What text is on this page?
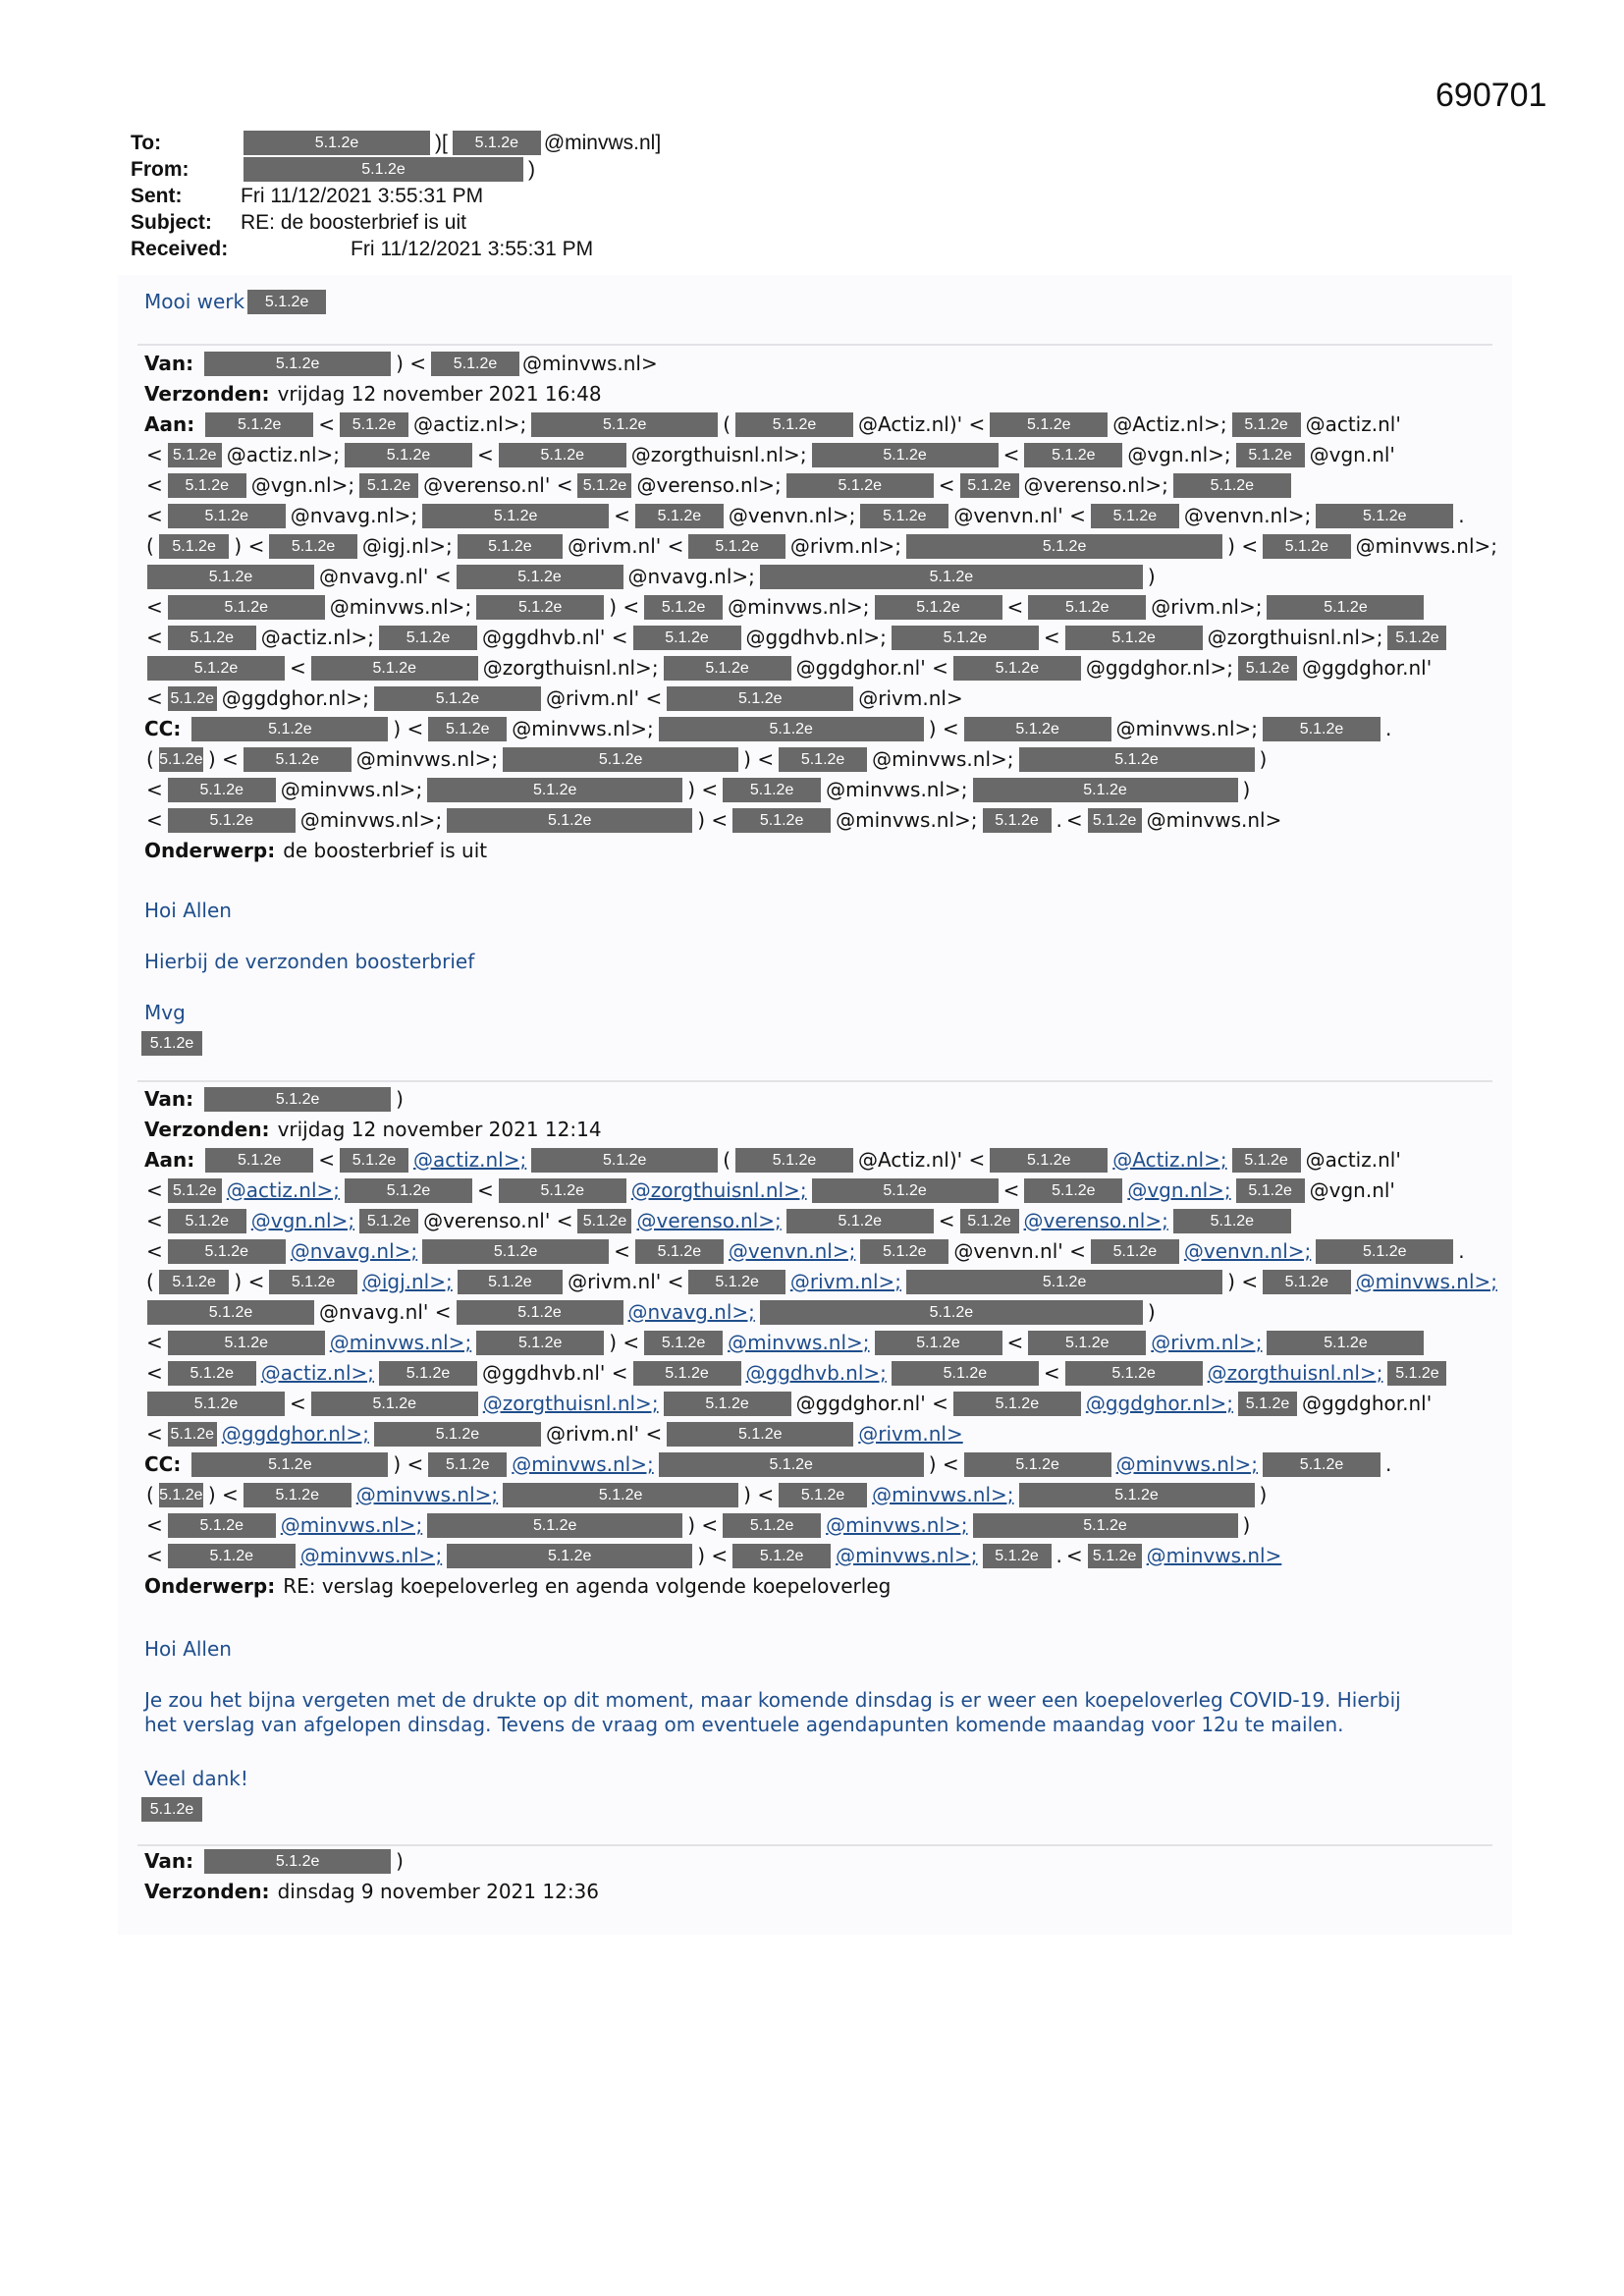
690701
To:	5.1.2e	)[	5.1.2e	@minvws.nl]
From:	5.1.2e	)
Sent:	Fri 11/12/2021 3:55:31 PM
Subject:	RE: de boosterbrief is uit
Received:	Fri 11/12/2021 3:55:31 PM
Mooi werk	5.1.2e
Van:	5.1.2e	) <	5.1.2e	@minvws.nl>
Verzonden: vrijdag 12 november 2021 16:48
Aan:	5.1.2e	<	5.1.2e @actiz.nl>;	5.1.2e	(	5.1.2e	@Actiz.nl)' <	5.1.2e	@Actiz.nl>;	5.1.2e @actiz.nl'
< 5.1.2e @actiz.nl>;	5.1.2e	<	5.1.2e	@zorgthuisnl.nl>;	5.1.2e	<	5.1.2e	@vgn.nl>;	5.1.2e @vgn.nl'
<	5.1.2e	@vgn.nl>; 5.1.2e @verenso.nl' < 5.1.2e @verenso.nl>;	5.1.2e	< 5.1.2e @verenso.nl>;	5.1.2e
<	5.1.2e	@nvavg.nl>;	5.1.2e	<	5.1.2e	@venvn.nl>;	5.1.2e	@venvn.nl' <	5.1.2e	@venvn.nl>;	5.1.2e	.
(	5.1.2e ) <	5.1.2e	@igj.nl>;	5.1.2e	@rivm.nl' <	5.1.2e	@rivm.nl>;	5.1.2e	) <	5.1.2e	@minvws.nl>;
5.1.2e	@nvavg.nl' <	5.1.2e	@nvavg.nl>;	5.1.2e	)
<	5.1.2e	@minvws.nl>;	5.1.2e	) <	5.1.2e	@minvws.nl>;	5.1.2e	<	5.1.2e	@rivm.nl>;	5.1.2e
<	5.1.2e	@actiz.nl>;	5.1.2e	@ggdhvb.nl' <	5.1.2e	@ggdhvb.nl>;	5.1.2e	<	5.1.2e	@zorgthuisnl.nl>; 5.1.2e
5.1.2e	<	5.1.2e	@zorgthuisnl.nl>;	5.1.2e	@ggdghor.nl' <	5.1.2e	@ggdghor.nl>; 5.1.2e @ggdghor.nl'
< 5.1.2e @ggdghor.nl>;	5.1.2e	@rivm.nl' <	5.1.2e	@rivm.nl>
CC:	5.1.2e	) <	5.1.2e	@minvws.nl>;	5.1.2e	) <	5.1.2e	@minvws.nl>;	5.1.2e	.
( 5.1.2e ) <	5.1.2e	@minvws.nl>;	5.1.2e	) <	5.1.2e	@minvws.nl>;	5.1.2e	)
<	5.1.2e	@minvws.nl>;	5.1.2e	) <	5.1.2e	@minvws.nl>;	5.1.2e	)
<	5.1.2e	@minvws.nl>;	5.1.2e	) <	5.1.2e	@minvws.nl>;	5.1.2e . < 5.1.2e @minvws.nl>
Onderwerp: de boosterbrief is uit
Hoi Allen
Hierbij de verzonden boosterbrief
Mvg
5.1.2e
Van:	5.1.2e	)
Verzonden: vrijdag 12 november 2021 12:14
Aan:	5.1.2e	<	5.1.2e @actiz.nl>;	5.1.2e	(	5.1.2e	@Actiz.nl)' <	5.1.2e	@Actiz.nl>;	5.1.2e @actiz.nl'
< 5.1.2e @actiz.nl>;	5.1.2e	<	5.1.2e	@zorgthuisnl.nl>;	5.1.2e	<	5.1.2e	@vgn.nl>;	5.1.2e @vgn.nl'
<	5.1.2e	@vgn.nl>; 5.1.2e @verenso.nl' < 5.1.2e @verenso.nl>;	5.1.2e	< 5.1.2e @verenso.nl>;	5.1.2e
<	5.1.2e	@nvavg.nl>;	5.1.2e	<	5.1.2e	@venvn.nl>;	5.1.2e	@venvn.nl' <	5.1.2e	@venvn.nl>;	5.1.2e	.
(	5.1.2e ) <	5.1.2e	@igj.nl>;	5.1.2e	@rivm.nl' <	5.1.2e	@rivm.nl>;	5.1.2e	) <	5.1.2e	@minvws.nl>;
5.1.2e	@nvavg.nl' <	5.1.2e	@nvavg.nl>;	5.1.2e	)
<	5.1.2e	@minvws.nl>;	5.1.2e	) <	5.1.2e	@minvws.nl>;	5.1.2e	<	5.1.2e	@rivm.nl>;	5.1.2e
<	5.1.2e	@actiz.nl>;	5.1.2e	@ggdhvb.nl' <	5.1.2e	@ggdhvb.nl>;	5.1.2e	<	5.1.2e	@zorgthuisnl.nl>; 5.1.2e
5.1.2e	<	5.1.2e	@zorgthuisnl.nl>;	5.1.2e	@ggdghor.nl' <	5.1.2e	@ggdghor.nl>; 5.1.2e @ggdghor.nl'
< 5.1.2e @ggdghor.nl>;	5.1.2e	@rivm.nl' <	5.1.2e	@rivm.nl>
CC:	5.1.2e	) <	5.1.2e	@minvws.nl>;	5.1.2e	) <	5.1.2e	@minvws.nl>;	5.1.2e	.
( 5.1.2e ) <	5.1.2e	@minvws.nl>;	5.1.2e	) <	5.1.2e	@minvws.nl>;	5.1.2e	)
<	5.1.2e	@minvws.nl>;	5.1.2e	) <	5.1.2e	@minvws.nl>;	5.1.2e	)
<	5.1.2e	@minvws.nl>;	5.1.2e	) <	5.1.2e	@minvws.nl>;	5.1.2e . < 5.1.2e @minvws.nl>
Onderwerp: RE: verslag koepeloverleg en agenda volgende koepeloverleg
Hoi Allen
Je zou het bijna vergeten met de drukte op dit moment, maar komende dinsdag is er weer een koepeloverleg COVID-19. Hierbij
het verslag van afgelopen dinsdag. Tevens de vraag om eventuele agendapunten komende maandag voor 12u te mailen.
Veel dank!
5.1.2e
Van:	5.1.2e	)
Verzonden: dinsdag 9 november 2021 12:36
